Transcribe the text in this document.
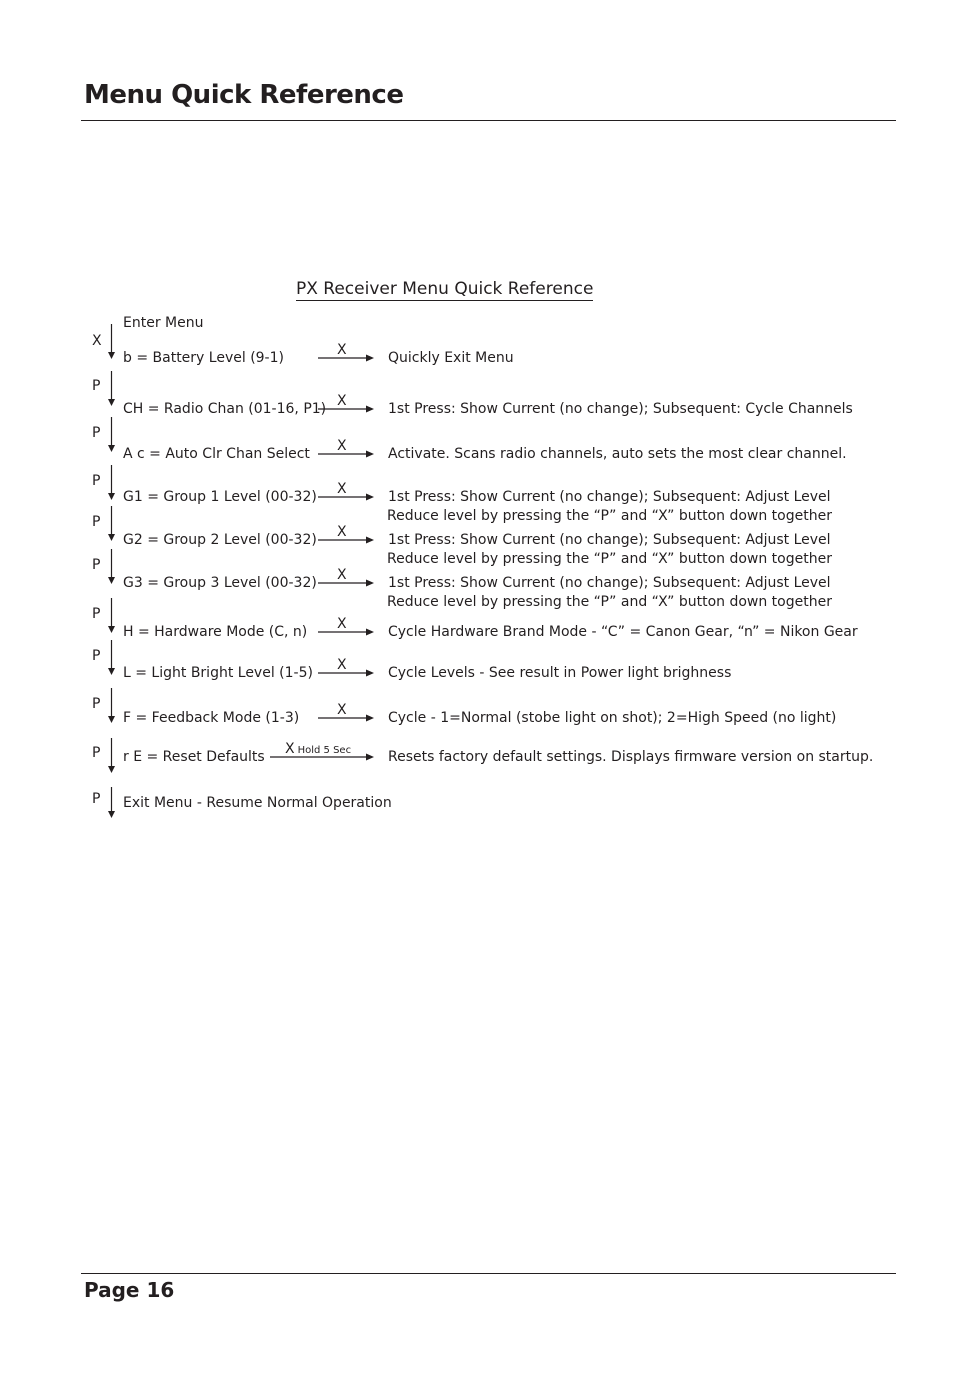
Menu Quick Reference
PX Receiver Menu Quick Reference
Enter Menu
X
b = Battery Level (9-1)	X	Quickly Exit Menu
P
CH = Radio Chan (01-16, P1) X	1st Press: Show Current (no change); Subsequent: Cycle Channels
P
A c = Auto Clr Chan Select X	Activate. Scans radio channels, auto sets the most clear channel.
P
G1 = Group 1 Level (00-32) X	1st Press: Show Current (no change); Subsequent: Adjust Level
Reduce level by pressing the “P” and “X” button down together
P
G2 = Group 2 Level (00-32) X	1st Press: Show Current (no change); Subsequent: Adjust Level
Reduce level by pressing the “P” and “X” button down together
P
G3 = Group 3 Level (00-32) X	1st Press: Show Current (no change); Subsequent: Adjust Level
Reduce level by pressing the “P” and “X” button down together
P
H = Hardware Mode (C, n) X	Cycle Hardware Brand Mode - “C” = Canon Gear, “n” = Nikon Gear
P
L = Light Bright Level (1-5) X	Cycle Levels - See result in Power light brighness
P
F = Feedback Mode (1-3)	X	Cycle - 1=Normal (stobe light on shot); 2=High Speed (no light)
P r E = Reset Defaults X Hold 5 Sec	Resets factory default settings. Displays firmware version on startup.
P Exit Menu - Resume Normal Operation
Page 16
